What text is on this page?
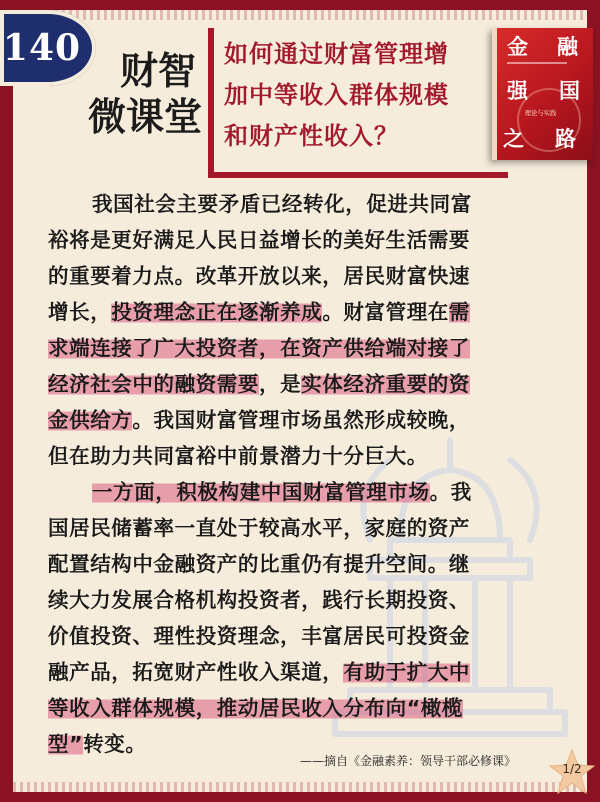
140
财智
微课堂
如何通过财富管理增
加中等收入群体规模
和财产性收入？
金 融
强 国
理论与实践
之 路
我国社会主要矛盾已经转化，促进共同富
裕将是更好满足人民日益增长的美好生活需要
的重要着力点。改革开放以来，居民财富快速
增长，投资理念正在逐渐养成。财富管理在需
求端连接了广大投资者，在资产供给端对接了
经济社会中的融资需要，是实体经济重要的资
金供给方。我国财富管理市场虽然形成较晚，
但在助力共同富裕中前景潜力十分巨大。
一方面，积极构建中国财富管理市场。我
国居民储蓄率一直处于较高水平，家庭的资产
配置结构中金融资产的比重仍有提升空间。继
续大力发展合格机构投资者，践行长期投资、
价值投资、理性投资理念，丰富居民可投资金
融产品，拓宽财产性收入渠道，有助于扩大中
等收入群体规模，推动居民收入分布向“橄榄
型”转变。
——摘自《金融素养：领导干部必修课》
1/2
